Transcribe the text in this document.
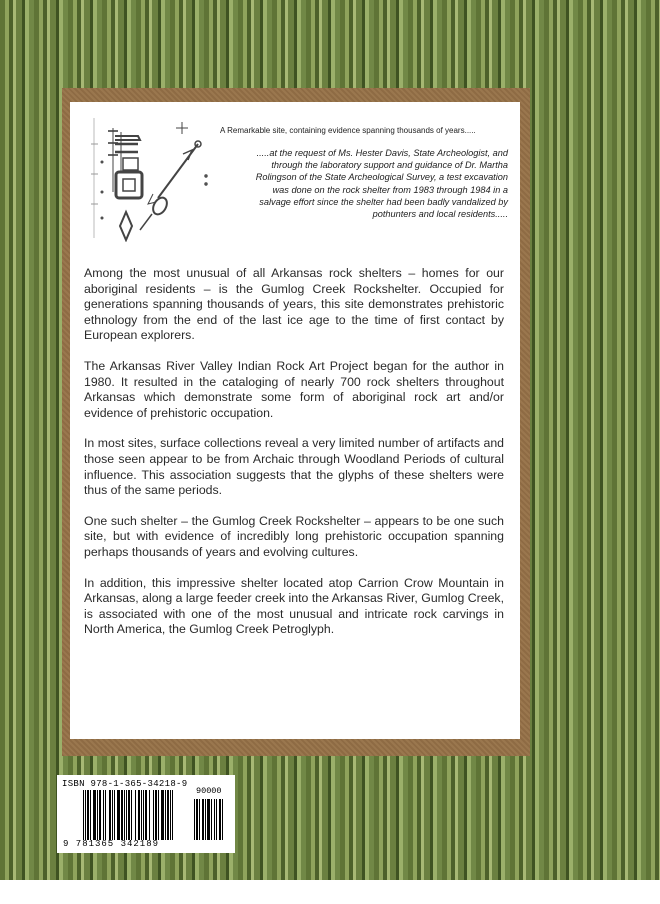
A Remarkable site, containing evidence spanning thousands of years.....
.....at the request of Ms. Hester Davis, State Archeologist, and
through the laboratory support and guidance of Dr. Martha
Rolingson of the State Archeological Survey, a test excavation
was done on the rock shelter from 1983 through 1984 in a
salvage effort since the shelter had been badly vandalized by
pothunters and local residents.....

Among the most unusual of all Arkansas rock shelters – homes for our aboriginal residents – is the Gumlog Creek Rockshelter. Occupied for generations spanning thousands of years, this site demonstrates prehistoric ethnology from the end of the last ice age to the time of first contact by European explorers.

The Arkansas River Valley Indian Rock Art Project began for the author in 1980. It resulted in the cataloging of nearly 700 rock shelters throughout Arkansas which demonstrate some form of aboriginal rock art and/or evidence of prehistoric occupation.

In most sites, surface collections reveal a very limited number of artifacts and those seen appear to be from Archaic through Woodland Periods of cultural influence. This association suggests that the glyphs of these shelters were thus of the same periods.

One such shelter – the Gumlog Creek Rockshelter – appears to be one such site, but with evidence of incredibly long prehistoric occupation spanning perhaps thousands of years and evolving cultures.

In addition, this impressive shelter located atop Carrion Crow Mountain in Arkansas, along a large feeder creek into the Arkansas River, Gumlog Creek, is associated with one of the most unusual and intricate rock carvings in North America, the Gumlog Creek Petroglyph.

ISBN 978-1-365-34218-9
90000
9 781365 342189
